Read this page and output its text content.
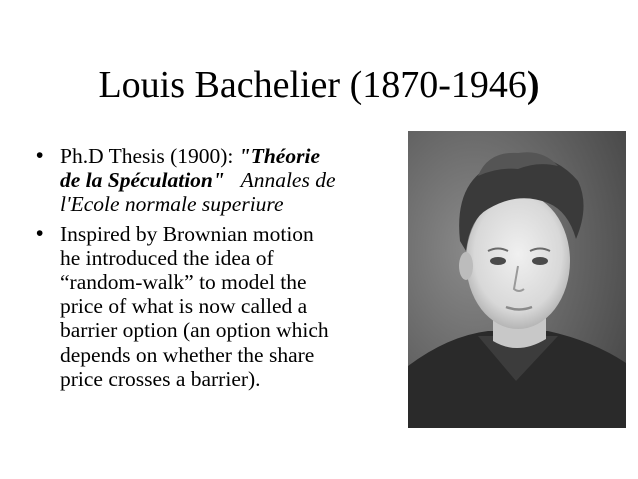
Louis Bachelier (1870-1946)
• Ph.D Thesis (1900): "Théorie
de la Spéculation"   Annales de
l'Ecole normale superiure
• Inspired by Brownian motion
he introduced the idea of
“random-walk” to model the
price of what is now called a
barrier option (an option which
depends on whether the share
price crosses a barrier).
